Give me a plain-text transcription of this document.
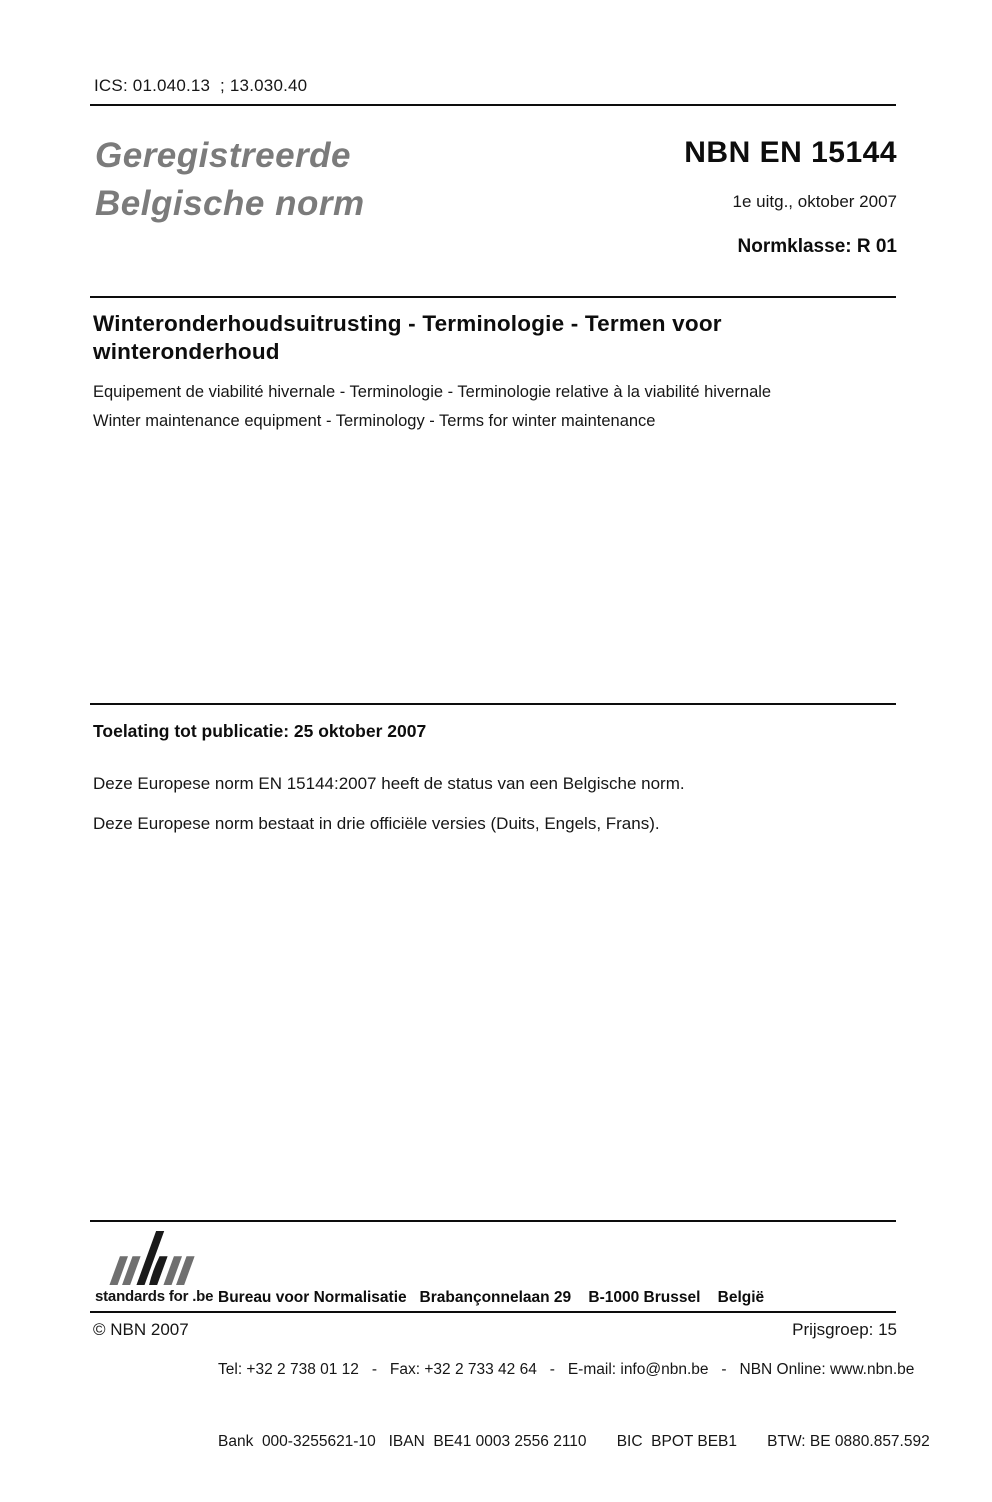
ICS: 01.040.13  ; 13.030.40
Geregistreerde
Belgische norm
NBN EN 15144
1e uitg., oktober 2007
Normklasse: R 01
Winteronderhoudsuitrusting - Terminologie - Termen voor winteronderhoud
Equipement de viabilité hivernale - Terminologie - Terminologie relative à la viabilité hivernale
Winter maintenance equipment - Terminology - Terms for winter maintenance
Toelating tot publicatie: 25 oktober 2007
Deze Europese norm EN 15144:2007 heeft de status van een Belgische norm.
Deze Europese norm bestaat in drie officiële versies (Duits, Engels, Frans).
standards for .be

Bureau voor Normalisatie   Brabançonnelaan 29    B-1000 Brussel    België

Tel: +32 2 738 01 12   -   Fax: +32 2 733 42 64   -   E-mail: info@nbn.be   -   NBN Online: www.nbn.be

Bank  000-3255621-10   IBAN  BE41 0003 2556 2110       BIC  BPOT BEB1       BTW: BE 0880.857.592

© NBN 2007	Prijsgroep: 15
